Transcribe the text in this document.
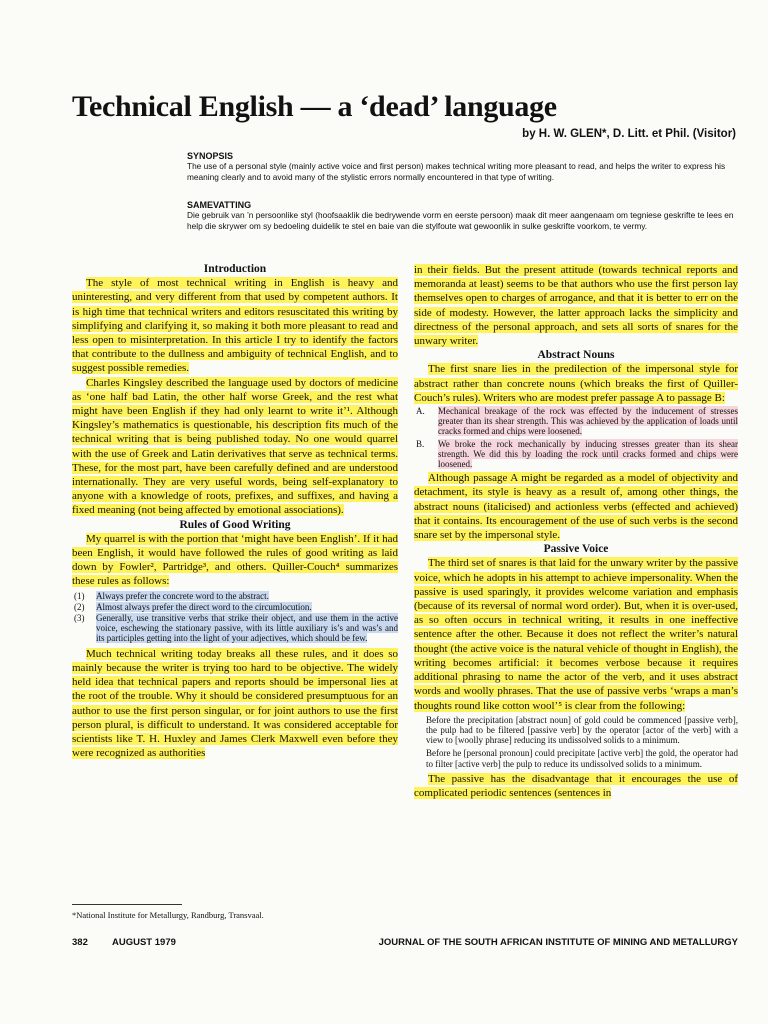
Technical English — a ‘dead’ language
by H. W. GLEN*, D. Litt. et Phil. (Visitor)
SYNOPSIS
The use of a personal style (mainly active voice and first person) makes technical writing more pleasant to read, and helps the writer to express his meaning clearly and to avoid many of the stylistic errors normally encountered in that type of writing.
SAMEVATTING
Die gebruik van ’n persoonlike styl (hoofsaaklik die bedrywende vorm en eerste persoon) maak dit meer aangenaam om tegniese geskrifte te lees en help die skrywer om sy bedoeling duidelik te stel en baie van die stylfoute wat gewoonlik in sulke geskrifte voorkom, te vermy.

Introduction

The style of most technical writing in English is heavy and uninteresting, and very different from that used by competent authors. It is high time that technical writers and editors resuscitated this writing by simplifying and clarifying it, so making it both more pleasant to read and less open to misinterpretation. In this article I try to identify the factors that contribute to the dullness and ambiguity of technical English, and to suggest possible remedies.

Charles Kingsley described the language used by doctors of medicine as ‘one half bad Latin, the other half worse Greek, and the rest what might have been English if they had only learnt to write it’¹. Although Kingsley’s mathematics is questionable, his description fits much of the technical writing that is being published today. No one would quarrel with the use of Greek and Latin derivatives that serve as technical terms. These, for the most part, have been carefully defined and are understood internationally. They are very useful words, being self-explanatory to anyone with a knowledge of roots, prefixes, and suffixes, and having a fixed meaning (not being affected by emotional associations).

Rules of Good Writing

My quarrel is with the portion that ‘might have been English’. If it had been English, it would have followed the rules of good writing as laid down by Fowler², Partridge³, and others. Quiller-Couch⁴ summarizes these rules as follows:

(1)	Always prefer the concrete word to the abstract.
(2)	Almost always prefer the direct word to the circumlocution.
(3)	Generally, use transitive verbs that strike their object, and use them in the active voice, eschewing the stationary passive, with its little auxiliary is’s and was’s and its participles getting into the light of your adjectives, which should be few.

Much technical writing today breaks all these rules, and it does so mainly because the writer is trying too hard to be objective. The widely held idea that technical papers and reports should be impersonal lies at the root of the trouble. Why it should be considered presumptuous for an author to use the first person singular, or for joint authors to use the first person plural, is difficult to understand. It was considered acceptable for scientists like T. H. Huxley and James Clerk Maxwell even before they were recognized as authorities

in their fields. But the present attitude (towards technical reports and memoranda at least) seems to be that authors who use the first person lay themselves open to charges of arrogance, and that it is better to err on the side of modesty. However, the latter approach lacks the simplicity and directness of the personal approach, and sets all sorts of snares for the unwary writer.

Abstract Nouns

The first snare lies in the predilection of the impersonal style for abstract rather than concrete nouns (which breaks the first of Quiller-Couch’s rules). Writers who are modest prefer passage A to passage B:

A.	Mechanical breakage of the rock was effected by the inducement of stresses greater than its shear strength. This was achieved by the application of loads until cracks formed and chips were loosened.
B.	We broke the rock mechanically by inducing stresses greater than its shear strength. We did this by loading the rock until cracks formed and chips were loosened.

Although passage A might be regarded as a model of objectivity and detachment, its style is heavy as a result of, among other things, the abstract nouns (italicised) and actionless verbs (effected and achieved) that it contains. Its encouragement of the use of such verbs is the second snare set by the impersonal style.

Passive Voice

The third set of snares is that laid for the unwary writer by the passive voice, which he adopts in his attempt to achieve impersonality. When the passive is used sparingly, it provides welcome variation and emphasis (because of its reversal of normal word order). But, when it is over-used, as so often occurs in technical writing, it results in one ineffective sentence after the other. Because it does not reflect the writer’s natural thought (the active voice is the natural vehicle of thought in English), the writing becomes artificial: it becomes verbose because it requires additional phrasing to name the actor of the verb, and it uses abstract words and woolly phrases. That the use of passive verbs ‘wraps a man’s thoughts round like cotton wool’⁵ is clear from the following:

Before the precipitation [abstract noun] of gold could be commenced [passive verb], the pulp had to be filtered [passive verb] by the operator [actor of the verb] with a view to [woolly phrase] reducing its undissolved solids to a minimum.
Before he [personal pronoun] could precipitate [active verb] the gold, the operator had to filter [active verb] the pulp to reduce its undissolved solids to a minimum.

The passive has the disadvantage that it encourages the use of complicated periodic sentences (sentences in

*National Institute for Metallurgy, Randburg, Transvaal.
382	AUGUST 1979	JOURNAL OF THE SOUTH AFRICAN INSTITUTE OF MINING AND METALLURGY
